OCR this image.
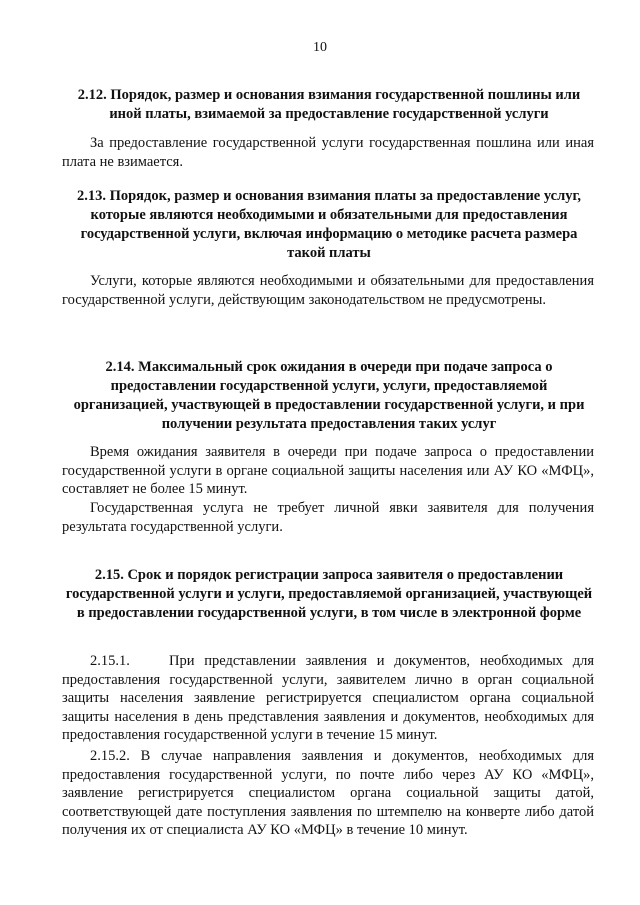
10
2.12. Порядок, размер и основания взимания государственной пошлины или иной платы, взимаемой за предоставление государственной услуги
За предоставление государственной услуги государственная пошлина или иная плата не взимается.
2.13. Порядок, размер и основания взимания платы за предоставление услуг, которые являются необходимыми и обязательными для предоставления государственной услуги, включая информацию о методике расчета размера такой платы
Услуги, которые являются необходимыми и обязательными для предоставления государственной услуги, действующим законодательством не предусмотрены.
2.14. Максимальный срок ожидания в очереди при подаче запроса о предоставлении государственной услуги, услуги, предоставляемой организацией, участвующей в предоставлении государственной услуги, и при получении результата предоставления таких услуг
Время ожидания заявителя в очереди при подаче запроса о предоставлении государственной услуги в органе социальной защиты населения или АУ КО «МФЦ», составляет не более 15 минут.
Государственная услуга не требует личной явки заявителя для получения результата государственной услуги.
2.15. Срок и порядок регистрации запроса заявителя о предоставлении государственной услуги и услуги, предоставляемой организацией, участвующей в предоставлении государственной услуги, в том числе в электронной форме
2.15.1.    При представлении заявления и документов, необходимых для предоставления государственной услуги, заявителем лично в орган социальной защиты населения заявление регистрируется специалистом органа социальной защиты населения в день представления заявления и документов, необходимых для предоставления государственной услуги в течение 15 минут.
2.15.2. В случае направления заявления и документов, необходимых для предоставления государственной услуги, по почте либо через АУ КО «МФЦ», заявление регистрируется специалистом органа социальной защиты датой, соответствующей дате поступления заявления по штемпелю на конверте либо датой получения их от специалиста АУ КО «МФЦ» в течение 10 минут.
